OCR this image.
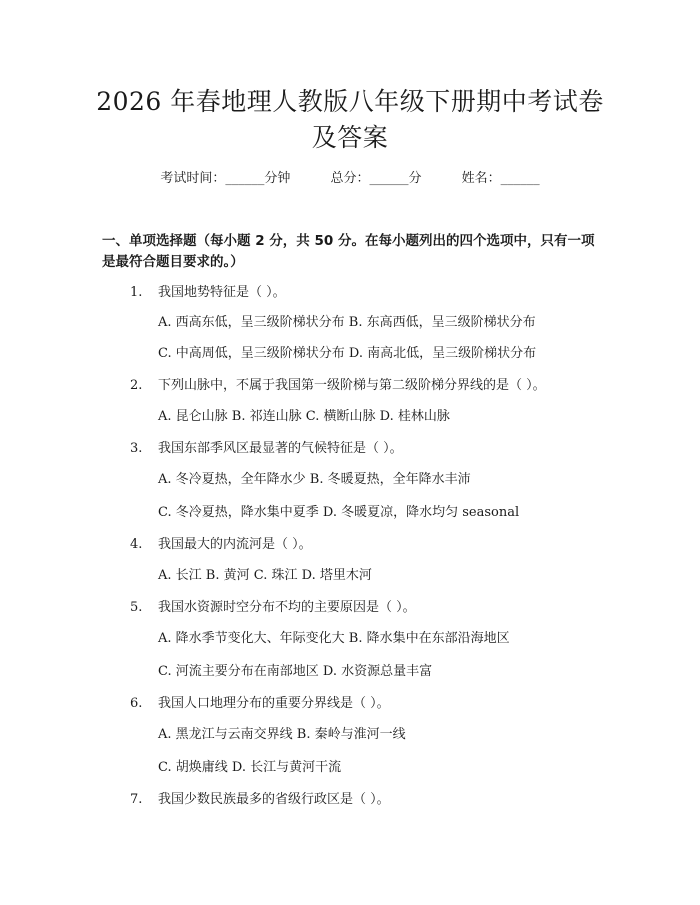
2026 年春地理人教版八年级下册期中考试卷
及答案
考试时间：______分钟	总分：______分	姓名：______
一、单项选择题（每小题 2 分，共 50 分。在每小题列出的四个选项中，只有一项
是最符合题目要求的。）
1. 我国地势特征是（ ）。
A. 西高东低，呈三级阶梯状分布 B. 东高西低，呈三级阶梯状分布
C. 中高周低，呈三级阶梯状分布 D. 南高北低，呈三级阶梯状分布
2. 下列山脉中，不属于我国第一级阶梯与第二级阶梯分界线的是（ ）。
A. 昆仑山脉 B. 祁连山脉 C. 横断山脉 D. 桂林山脉
3. 我国东部季风区最显著的气候特征是（ ）。
A. 冬冷夏热，全年降水少 B. 冬暖夏热，全年降水丰沛
C. 冬冷夏热，降水集中夏季 D. 冬暖夏凉，降水均匀 seasonal
4. 我国最大的内流河是（ ）。
A. 长江 B. 黄河 C. 珠江 D. 塔里木河
5. 我国水资源时空分布不均的主要原因是（ ）。
A. 降水季节变化大、年际变化大 B. 降水集中在东部沿海地区
C. 河流主要分布在南部地区 D. 水资源总量丰富
6. 我国人口地理分布的重要分界线是（ ）。
A. 黑龙江与云南交界线 B. 秦岭与淮河一线
C. 胡焕庸线 D. 长江与黄河干流
7. 我国少数民族最多的省级行政区是（ ）。
